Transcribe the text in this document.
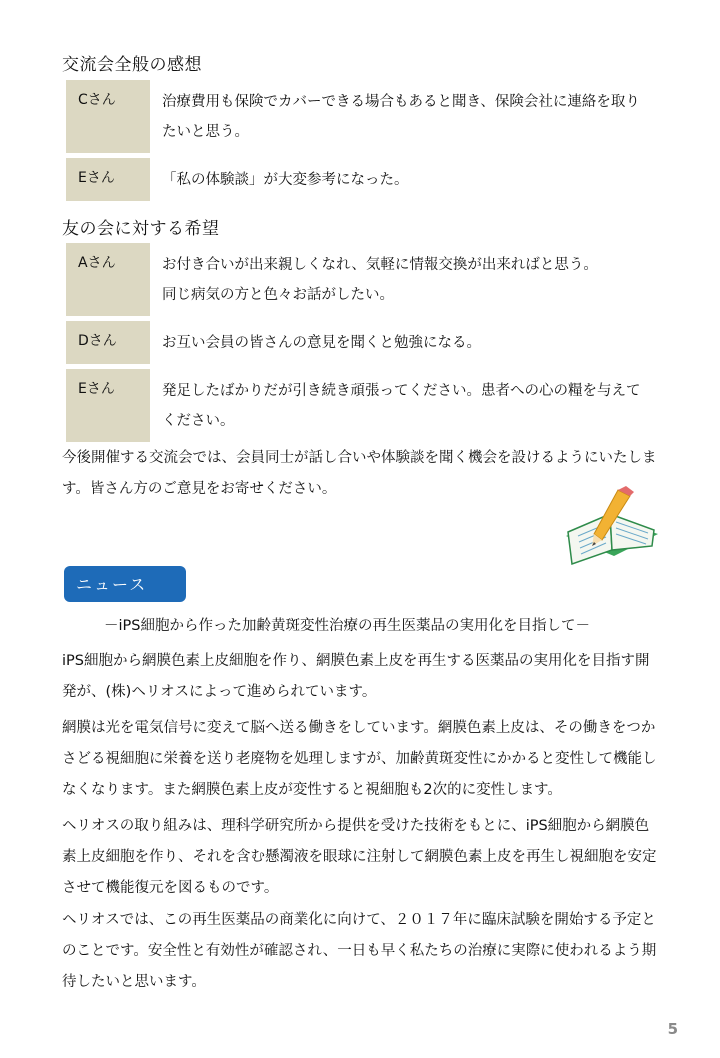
交流会全般の感想
Cさん	治療費用も保険でカバーできる場合もあると聞き、保険会社に連絡を取り
たいと思う。
Eさん	「私の体験談」が大変参考になった。
友の会に対する希望
Aさん	お付き合いが出来親しくなれ、気軽に情報交換が出来ればと思う。
同じ病気の方と色々お話がしたい。
Dさん	お互い会員の皆さんの意見を聞くと勉強になる。
Eさん	発足したばかりだが引き続き頑張ってください。患者への心の糧を与えて
ください。
今後開催する交流会では、会員同士が話し合いや体験談を聞く機会を設けるようにいたします。皆さん方のご意見をお寄せください。
ニュース
－iPS細胞から作った加齢黄斑変性治療の再生医薬品の実用化を目指して－
iPS細胞から網膜色素上皮細胞を作り、網膜色素上皮を再生する医薬品の実用化を目指す開発が、(株)ヘリオスによって進められています。
網膜は光を電気信号に変えて脳へ送る働きをしています。網膜色素上皮は、その働きをつかさどる視細胞に栄養を送り老廃物を処理しますが、加齢黄斑変性にかかると変性して機能しなくなります。また網膜色素上皮が変性すると視細胞も2次的に変性します。
ヘリオスの取り組みは、理科学研究所から提供を受けた技術をもとに、iPS細胞から網膜色素上皮細胞を作り、それを含む懸濁液を眼球に注射して網膜色素上皮を再生し視細胞を安定させて機能復元を図るものです。
ヘリオスでは、この再生医薬品の商業化に向けて、２０１７年に臨床試験を開始する予定とのことです。安全性と有効性が確認され、一日も早く私たちの治療に実際に使われるよう期待したいと思います。
5
